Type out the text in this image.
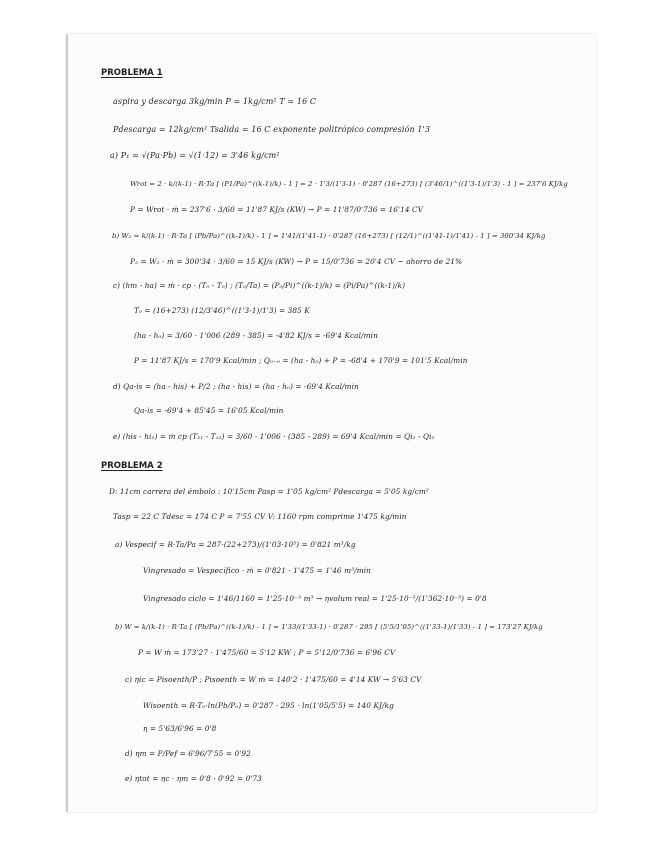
PROBLEMA 1
aspira y descarga 3kg/min P = 1kg/cm² T = 16 C
Pdescarga = 12kg/cm² Tsalida = 16 C exponente politrópico compresión 1'3
a) P₁ = √(Pa·Pb) = √(1·12) = 3'46 kg/cm²
Wrot = 2 · k/(k-1) · R·Ta [ (P1/Pa)^((k-1)/k) - 1 ] = 2 · 1'3/(1'3-1) · 0'287 (16+273) [ (3'46/1)^((1'3-1)/1'3) - 1 ] = 237'6 KJ/kg
P = Wrot · ṁ = 237'6 · 3/60 = 11'87 KJ/s (KW) → P = 11'87/0'736 = 16'14 CV
b) W₂ = k/(k-1) · R·Ta [ (Pb/Pa)^((k-1)/k) - 1 ] = 1'41/(1'41-1) · 0'287 (16+273) [ (12/1)^((1'41-1)/1'41) - 1 ] = 300'34 KJ/kg
P₂ = W₂ · ṁ = 300'34 · 3/60 = 15 KJ/s (KW) → P = 15/0'736 = 20'4 CV ~ ahorro de 21%
c) (hm - ha) = ṁ · cp · (T₀ - T₀) ; (T₀/Ta) = (P₀/Pi)^((k-1)/k) = (Pi/Pa)^((k-1)/k)
T₀ = (16+273) (12/3'46)^((1'3-1)/1'3) = 385 K
(ha - h₀) = 3/60 · 1'006 (289 - 385) = -4'82 KJ/s = -69'4 Kcal/min
P = 11'87 KJ/s = 170'9 Kcal/min ; Q₀₋₀ = (ha - h₀) + P = -68'4 + 170'9 = 101'5 Kcal/min
d) Qa-is = (ha - his) + P/2 ; (ha - his) = (ha - h₀) = -69'4 Kcal/min
Qa-is = -69'4 + 85'45 = 16'05 Kcal/min
e) (his - hi₂) = ṁ cp (T₂₁ - T₁₂) = 3/60 · 1'006 · (385 - 289) = 69'4 Kcal/min = Qi₁ - Qi₂
PROBLEMA 2
D: 11cm carrera del émbolo : 10'15cm Pasp = 1'05 kg/cm² Pdescarga = 5'05 kg/cm²
Tasp = 22 C Tdesc = 174 C P = 7'55 CV V: 1160 rpm comprime 1'475 kg/min
a) Vespecif = R·Ta/Pa = 287·(22+273)/(1'03·10⁵) = 0'821 m³/kg
Vingresado = Vespecífico · ṁ = 0'821 · 1'475 = 1'46 m³/min
Vingresado ciclo = 1'46/1160 = 1'25·10⁻³ m³ → ηvolum real = 1'25·10⁻³/(1'362·10⁻³) = 0'8
b) W = k/(k-1) · R·Ta [ (Pb/Pa)^((k-1)/k) - 1 ] = 1'33/(1'33-1) · 0'287 · 295 [ (5'5/1'05)^((1'33-1)/1'33) - 1 ] = 173'27 KJ/kg
P = W ṁ = 173'27 · 1'475/60 = 5'12 KW ; P = 5'12/0'736 = 6'96 CV
c) ηic = Pisoenth/P ; Pisoenth = W ṁ = 140'2 · 1'475/60 = 4'14 KW → 5'63 CV
Wisoenth = R·T₀·ln(Pb/P₀) = 0'287 · 295 · ln(1'05/5'5) = 140 KJ/kg
η = 5'63/6'96 = 0'8
d) ηm = P/Pef = 6'96/7'55 = 0'92
e) ηtot = ηc · ηm = 0'8 · 0'92 = 0'73
